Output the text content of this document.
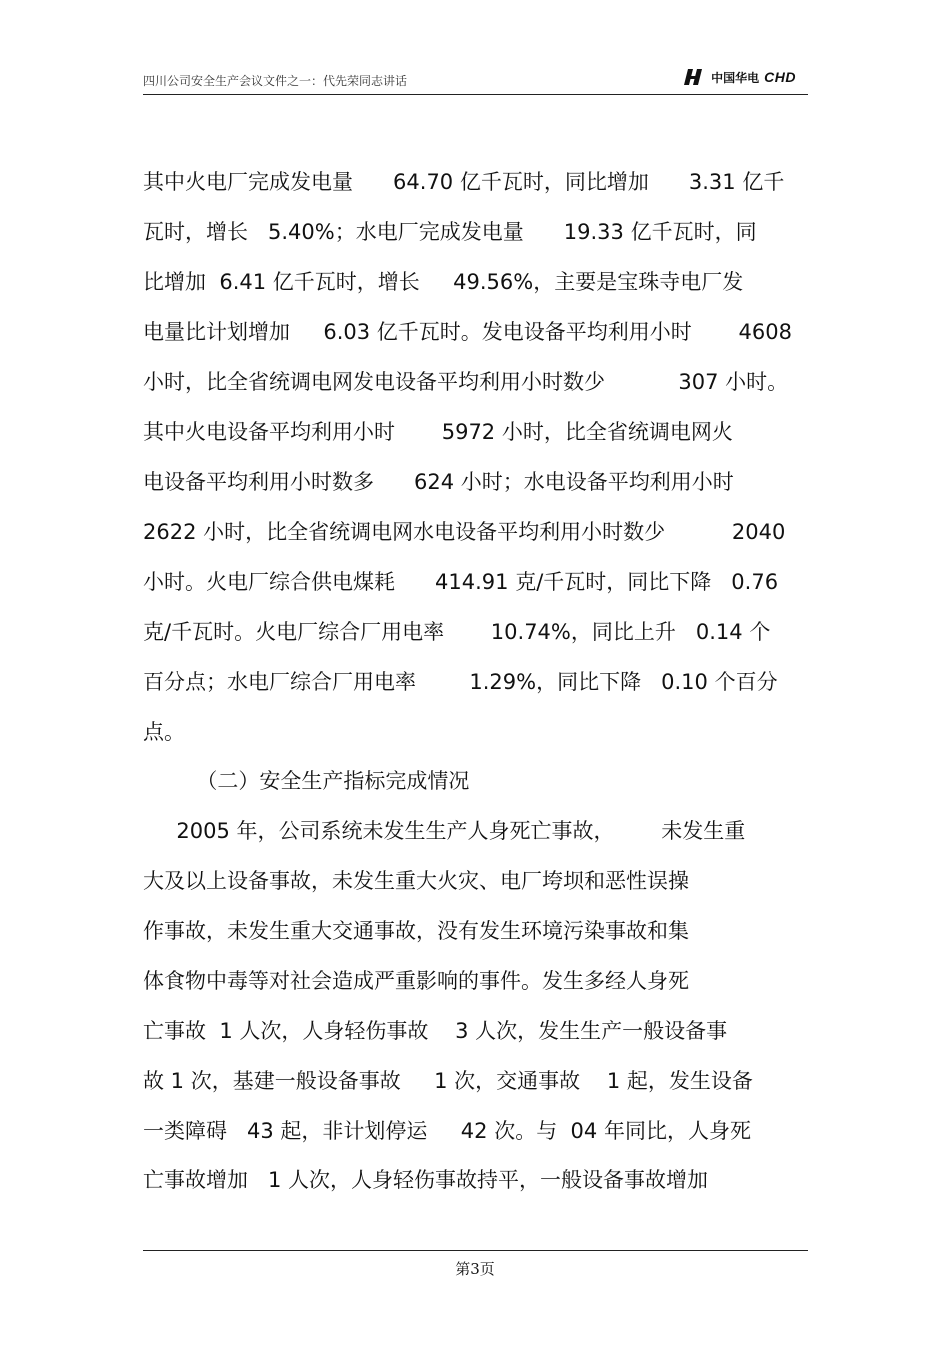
四川公司安全生产会议文件之一：代先荣同志讲话	中国华电 CHD
其中火电厂完成发电量      64.70 亿千瓦时，同比增加      3.31 亿千
瓦时，增长   5.40%；水电厂完成发电量      19.33 亿千瓦时，同
比增加  6.41 亿千瓦时，增长     49.56%，主要是宝珠寺电厂发
电量比计划增加     6.03 亿千瓦时。发电设备平均利用小时       4608
小时，比全省统调电网发电设备平均利用小时数少           307 小时。
其中火电设备平均利用小时       5972 小时，比全省统调电网火
电设备平均利用小时数多      624 小时；水电设备平均利用小时
2622 小时，比全省统调电网水电设备平均利用小时数少          2040
小时。火电厂综合供电煤耗      414.91 克/千瓦时，同比下降   0.76
克/千瓦时。火电厂综合厂用电率       10.74%，同比上升   0.14 个
百分点；水电厂综合厂用电率        1.29%，同比下降   0.10 个百分
点。
（二）安全生产指标完成情况
2005 年，公司系统未发生生产人身死亡事故，       未发生重
大及以上设备事故，未发生重大火灾、电厂垮坝和恶性误操
作事故，未发生重大交通事故，没有发生环境污染事故和集
体食物中毒等对社会造成严重影响的事件。发生多经人身死
亡事故  1 人次，人身轻伤事故    3 人次，发生生产一般设备事
故 1 次，基建一般设备事故     1 次，交通事故    1 起，发生设备
一类障碍   43 起，非计划停运     42 次。与  04 年同比，人身死
亡事故增加   1 人次，人身轻伤事故持平，一般设备事故增加
第3页
